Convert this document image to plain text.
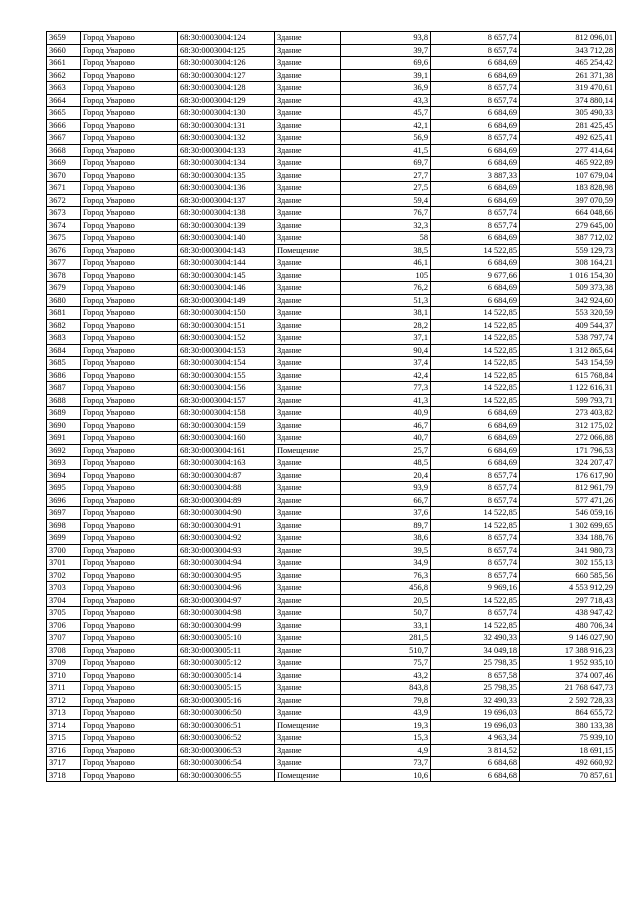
3659	Город Уварово	68:30:0003004:124	Здание	93,8	8 657,74	812 096,01
3660	Город Уварово	68:30:0003004:125	Здание	39,7	8 657,74	343 712,28
3661	Город Уварово	68:30:0003004:126	Здание	69,6	6 684,69	465 254,42
3662	Город Уварово	68:30:0003004:127	Здание	39,1	6 684,69	261 371,38
3663	Город Уварово	68:30:0003004:128	Здание	36,9	8 657,74	319 470,61
3664	Город Уварово	68:30:0003004:129	Здание	43,3	8 657,74	374 880,14
3665	Город Уварово	68:30:0003004:130	Здание	45,7	6 684,69	305 490,33
3666	Город Уварово	68:30:0003004:131	Здание	42,1	6 684,69	281 425,45
3667	Город Уварово	68:30:0003004:132	Здание	56,9	8 657,74	492 625,41
3668	Город Уварово	68:30:0003004:133	Здание	41,5	6 684,69	277 414,64
3669	Город Уварово	68:30:0003004:134	Здание	69,7	6 684,69	465 922,89
3670	Город Уварово	68:30:0003004:135	Здание	27,7	3 887,33	107 679,04
3671	Город Уварово	68:30:0003004:136	Здание	27,5	6 684,69	183 828,98
3672	Город Уварово	68:30:0003004:137	Здание	59,4	6 684,69	397 070,59
3673	Город Уварово	68:30:0003004:138	Здание	76,7	8 657,74	664 048,66
3674	Город Уварово	68:30:0003004:139	Здание	32,3	8 657,74	279 645,00
3675	Город Уварово	68:30:0003004:140	Здание	58	6 684,69	387 712,02
3676	Город Уварово	68:30:0003004:143	Помещение	38,5	14 522,85	559 129,73
3677	Город Уварово	68:30:0003004:144	Здание	46,1	6 684,69	308 164,21
3678	Город Уварово	68:30:0003004:145	Здание	105	9 677,66	1 016 154,30
3679	Город Уварово	68:30:0003004:146	Здание	76,2	6 684,69	509 373,38
3680	Город Уварово	68:30:0003004:149	Здание	51,3	6 684,69	342 924,60
3681	Город Уварово	68:30:0003004:150	Здание	38,1	14 522,85	553 320,59
3682	Город Уварово	68:30:0003004:151	Здание	28,2	14 522,85	409 544,37
3683	Город Уварово	68:30:0003004:152	Здание	37,1	14 522,85	538 797,74
3684	Город Уварово	68:30:0003004:153	Здание	90,4	14 522,85	1 312 865,64
3685	Город Уварово	68:30:0003004:154	Здание	37,4	14 522,85	543 154,59
3686	Город Уварово	68:30:0003004:155	Здание	42,4	14 522,85	615 768,84
3687	Город Уварово	68:30:0003004:156	Здание	77,3	14 522,85	1 122 616,31
3688	Город Уварово	68:30:0003004:157	Здание	41,3	14 522,85	599 793,71
3689	Город Уварово	68:30:0003004:158	Здание	40,9	6 684,69	273 403,82
3690	Город Уварово	68:30:0003004:159	Здание	46,7	6 684,69	312 175,02
3691	Город Уварово	68:30:0003004:160	Здание	40,7	6 684,69	272 066,88
3692	Город Уварово	68:30:0003004:161	Помещение	25,7	6 684,69	171 796,53
3693	Город Уварово	68:30:0003004:163	Здание	48,5	6 684,69	324 207,47
3694	Город Уварово	68:30:0003004:87	Здание	20,4	8 657,74	176 617,90
3695	Город Уварово	68:30:0003004:88	Здание	93,9	8 657,74	812 961,79
3696	Город Уварово	68:30:0003004:89	Здание	66,7	8 657,74	577 471,26
3697	Город Уварово	68:30:0003004:90	Здание	37,6	14 522,85	546 059,16
3698	Город Уварово	68:30:0003004:91	Здание	89,7	14 522,85	1 302 699,65
3699	Город Уварово	68:30:0003004:92	Здание	38,6	8 657,74	334 188,76
3700	Город Уварово	68:30:0003004:93	Здание	39,5	8 657,74	341 980,73
3701	Город Уварово	68:30:0003004:94	Здание	34,9	8 657,74	302 155,13
3702	Город Уварово	68:30:0003004:95	Здание	76,3	8 657,74	660 585,56
3703	Город Уварово	68:30:0003004:96	Здание	456,8	9 969,16	4 553 912,29
3704	Город Уварово	68:30:0003004:97	Здание	20,5	14 522,85	297 718,43
3705	Город Уварово	68:30:0003004:98	Здание	50,7	8 657,74	438 947,42
3706	Город Уварово	68:30:0003004:99	Здание	33,1	14 522,85	480 706,34
3707	Город Уварово	68:30:0003005:10	Здание	281,5	32 490,33	9 146 027,90
3708	Город Уварово	68:30:0003005:11	Здание	510,7	34 049,18	17 388 916,23
3709	Город Уварово	68:30:0003005:12	Здание	75,7	25 798,35	1 952 935,10
3710	Город Уварово	68:30:0003005:14	Здание	43,2	8 657,58	374 007,46
3711	Город Уварово	68:30:0003005:15	Здание	843,8	25 798,35	21 768 647,73
3712	Город Уварово	68:30:0003005:16	Здание	79,8	32 490,33	2 592 728,33
3713	Город Уварово	68:30:0003006:50	Здание	43,9	19 696,03	864 655,72
3714	Город Уварово	68:30:0003006:51	Помещение	19,3	19 696,03	380 133,38
3715	Город Уварово	68:30:0003006:52	Здание	15,3	4 963,34	75 939,10
3716	Город Уварово	68:30:0003006:53	Здание	4,9	3 814,52	18 691,15
3717	Город Уварово	68:30:0003006:54	Здание	73,7	6 684,68	492 660,92
3718	Город Уварово	68:30:0003006:55	Помещение	10,6	6 684,68	70 857,61
